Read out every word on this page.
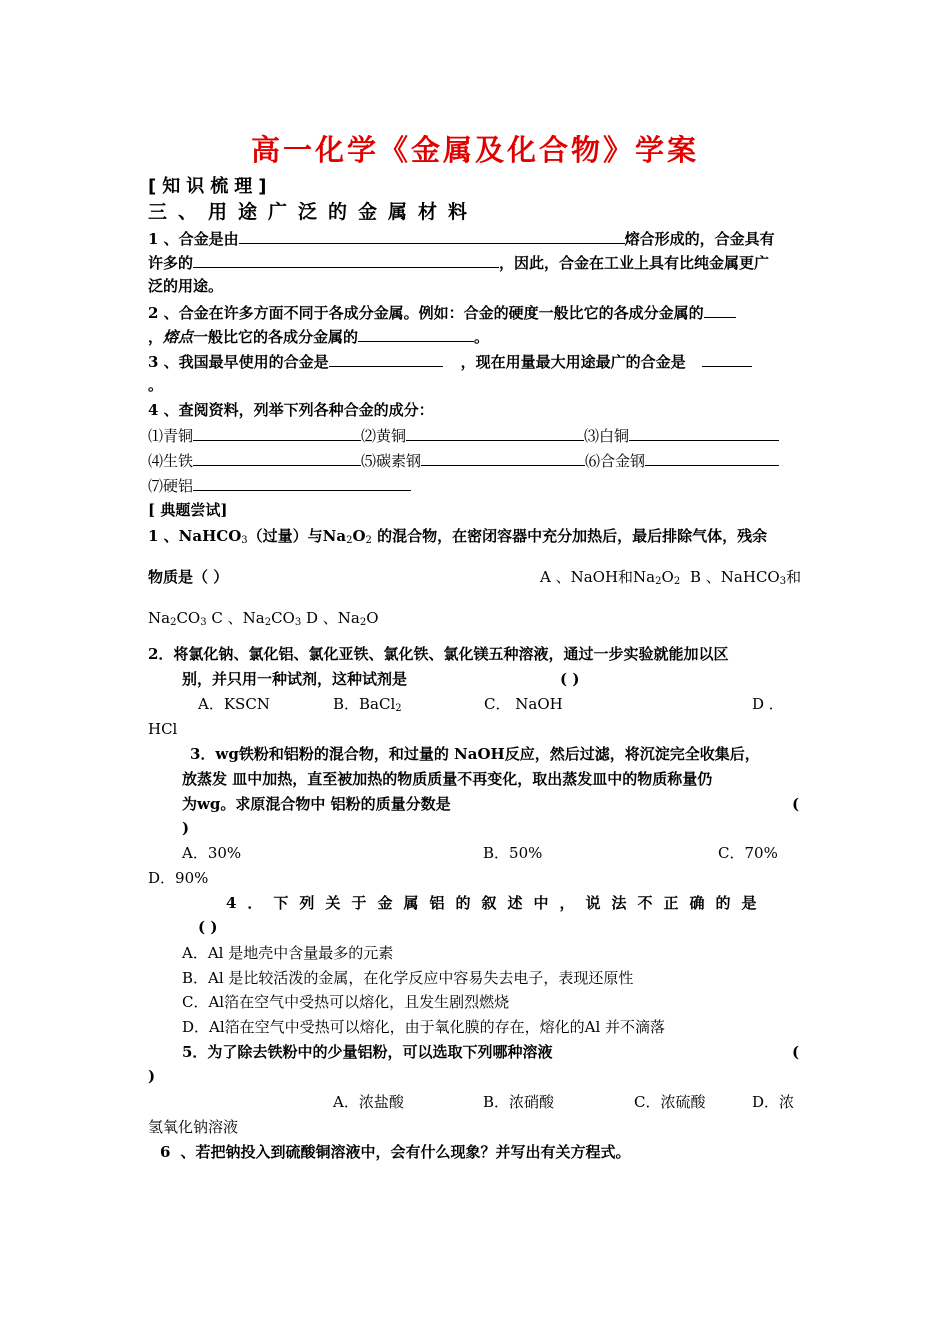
高一化学《金属及化合物》学案
[知识梳理]
三、用途广泛的金属材料
1 、合金是由	熔合形成的，合金具有
许多的	，因此，合金在工业上具有比纯金属更广
泛的用途。
2 、合金在许多方面不同于各成分金属。例如：合金的硬度一般比它的各成分金属的
，熔点一般比它的各成分金属的	。
3 、我国最早使用的合金是	，现在用量最大用途最广的合金是
。
4 、查阅资料，列举下列各种合金的成分：
⑴青铜	⑵黄铜	⑶白铜
⑷生铁	⑸碳素钢	⑹合金钢
⑺硬铝
[ 典题尝试]
1 、NaHCO$_3$（过量）与$Na_2O_2$ 的混合物，在密闭容器中充分加热后，最后排除气体，残余
物质是（ ）	A 、NaOH和$Na_2O_2$ B 、NaHCO$_3$和
$Na_2CO_3$ C 、$Na_2CO_3$ D 、$Na_2O$
2．将氯化钠、氯化铝、氯化亚铁、氯化铁、氯化镁五种溶液，通过一步实验就能加以区
别，并只用一种试剂，这种试剂是	( )
A．KSCN	B．BaCl$_2$	C． NaOH	D ．
HCl
3．wg铁粉和铝粉的混合物，和过量的 NaOH反应，然后过滤，将沉淀完全收集后，
放蒸发 皿中加热，直至被加热的物质质量不再变化，取出蒸发皿中的物质称量仍
为wg。求原混合物中 铝粉的质量分数是	(
)
A．30%	B．50%	C．70%
D．90%
4．下列关于金属铝的叙述中，说法不正确的是
( )
A．Al 是地壳中含量最多的元素
B．Al 是比较活泼的金属，在化学反应中容易失去电子，表现还原性
C．Al箔在空气中受热可以熔化，且发生剧烈燃烧
D．Al箔在空气中受热可以熔化，由于氧化膜的存在，熔化的Al 并不滴落
5．为了除去铁粉中的少量铝粉，可以选取下列哪种溶液	(
)
A．浓盐酸	B．浓硝酸	C．浓硫酸	D．浓
氢氧化钠溶液
6 、若把钠投入到硫酸铜溶液中，会有什么现象？并写出有关方程式。
